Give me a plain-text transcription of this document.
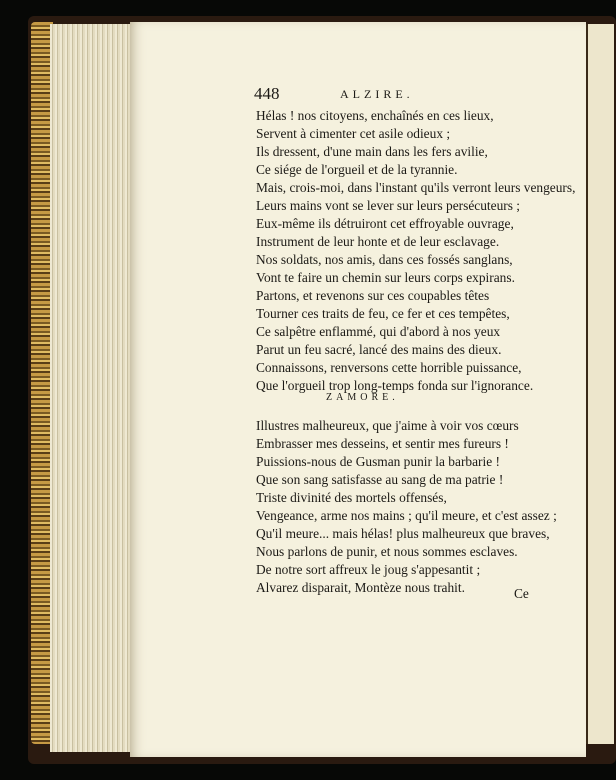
448	ALZIRE.
Hélas ! nos citoyens, enchaînés en ces lieux,
Servent à cimenter cet asile odieux ;
Ils dressent, d'une main dans les fers avilie,
Ce siége de l'orgueil et de la tyrannie.
Mais, crois-moi, dans l'instant qu'ils verront leurs vengeurs,
Leurs mains vont se lever sur leurs persécuteurs ;
Eux-même ils détruiront cet effroyable ouvrage,
Instrument de leur honte et de leur esclavage.
Nos soldats, nos amis, dans ces fossés sanglans,
Vont te faire un chemin sur leurs corps expirans.
Partons, et revenons sur ces coupables têtes
Tourner ces traits de feu, ce fer et ces tempêtes,
Ce salpêtre enflammé, qui d'abord à nos yeux
Parut un feu sacré, lancé des mains des dieux.
Connaissons, renversons cette horrible puissance,
Que l'orgueil trop long-temps fonda sur l'ignorance.
ZAMORE.
Illustres malheureux, que j'aime à voir vos cœurs
Embrasser mes desseins, et sentir mes fureurs !
Puissions-nous de Gusman punir la barbarie !
Que son sang satisfasse au sang de ma patrie !
Triste divinité des mortels offensés,
Vengeance, arme nos mains ; qu'il meure, et c'est assez ;
Qu'il meure... mais hélas! plus malheureux que braves,
Nous parlons de punir, et nous sommes esclaves.
De notre sort affreux le joug s'appesantit ;
Alvarez disparait, Montèze nous trahit.	Ce
